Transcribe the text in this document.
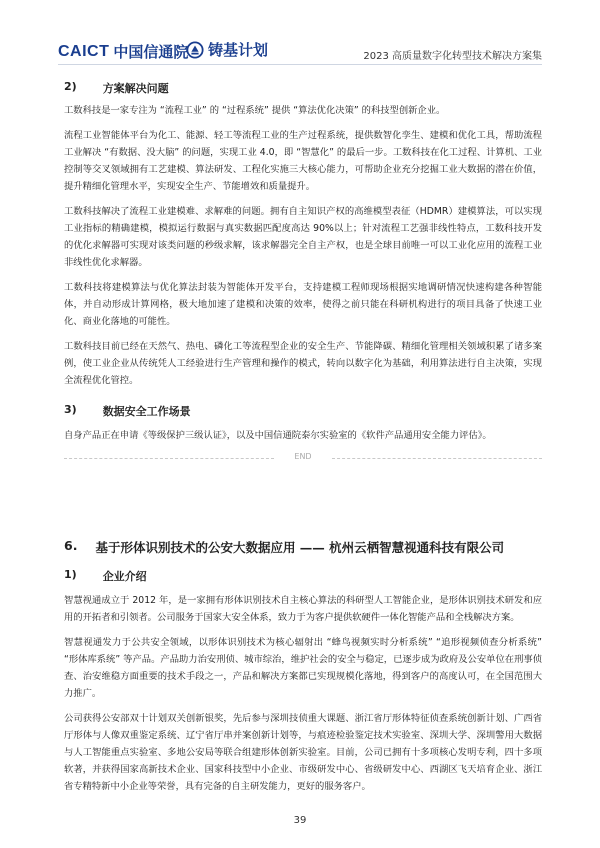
CAICT 中国信通院 铸基计划	2023 高质量数字化转型技术解决方案集
2) 方案解决问题

工数科技是一家专注为 “流程工业” 的 “过程系统” 提供 “算法优化决策” 的科技型创新企业。

流程工业智能体平台为化工、能源、轻工等流程工业的生产过程系统，提供数智化孪生、建模和优化工具，帮助流程工业解决 “有数据、没大脑” 的问题，实现工业 4.0，即 “智慧化” 的最后一步。工数科技在化工过程、计算机、工业控制等交叉领域拥有工艺建模、算法研发、工程化实施三大核心能力，可帮助企业充分挖掘工业大数据的潜在价值，提升精细化管理水平，实现安全生产、节能增效和质量提升。

工数科技解决了流程工业建模难、求解难的问题。拥有自主知识产权的高维模型表征（HDMR）建模算法，可以实现工业指标的精确建模，模拟运行数据与真实数据匹配度高达 90%以上；针对流程工艺强非线性特点，工数科技开发的优化求解器可实现对该类问题的秒级求解，该求解器完全自主产权，也是全球目前唯一可以工业化应用的流程工业非线性优化求解器。

工数科技将建模算法与优化算法封装为智能体开发平台，支持建模工程师现场根据实地调研情况快速构建各种智能体，并自动形成计算网格，极大地加速了建模和决策的效率，使得之前只能在科研机构进行的项目具备了快速工业化、商业化落地的可能性。

工数科技目前已经在天然气、热电、磷化工等流程型企业的安全生产、节能降碳、精细化管理相关领域积累了诸多案例，使工业企业从传统凭人工经验进行生产管理和操作的模式，转向以数字化为基础，利用算法进行自主决策，实现全流程优化管控。

3) 数据安全工作场景

自身产品正在申请《等级保护三级认证》，以及中国信通院泰尔实验室的《软件产品通用安全能力评估》。

END
6. 基于形体识别技术的公安大数据应用 —— 杭州云栖智慧视通科技有限公司
1) 企业介绍

智慧视通成立于 2012 年，是一家拥有形体识别技术自主核心算法的科研型人工智能企业，是形体识别技术研发和应用的开拓者和引领者。公司服务于国家大安全体系，致力于为客户提供软硬件一体化智能产品和全栈解决方案。

智慧视通发力于公共安全领域，以形体识别技术为核心辐射出 “蜂鸟视频实时分析系统” “追形视频侦查分析系统” “形体库系统” 等产品。产品助力治安刑侦、城市综治，维护社会的安全与稳定，已逐步成为政府及公安单位在刑事侦查、治安维稳方面重要的技术手段之一，产品和解决方案都已实现规模化落地，得到客户的高度认可，在全国范围大力推广。

公司获得公安部双十计划双关创新银奖，先后参与深圳技侦重大课题、浙江省厅形体特征侦查系统创新计划、广西省厅形体与人像双重鉴定系统、辽宁省厅串并案创新计划等，与痕迹检验鉴定技术实验室、深圳大学、深圳警用大数据与人工智能重点实验室、多地公安局等联合组建形体创新实验室。目前，公司已拥有十多项核心发明专利，四十多项软著，并获得国家高新技术企业、国家科技型中小企业、市级研发中心、省级研发中心、西湖区飞天培育企业、浙江省专精特新中小企业等荣誉，具有完备的自主研发能力，更好的服务客户。

39
